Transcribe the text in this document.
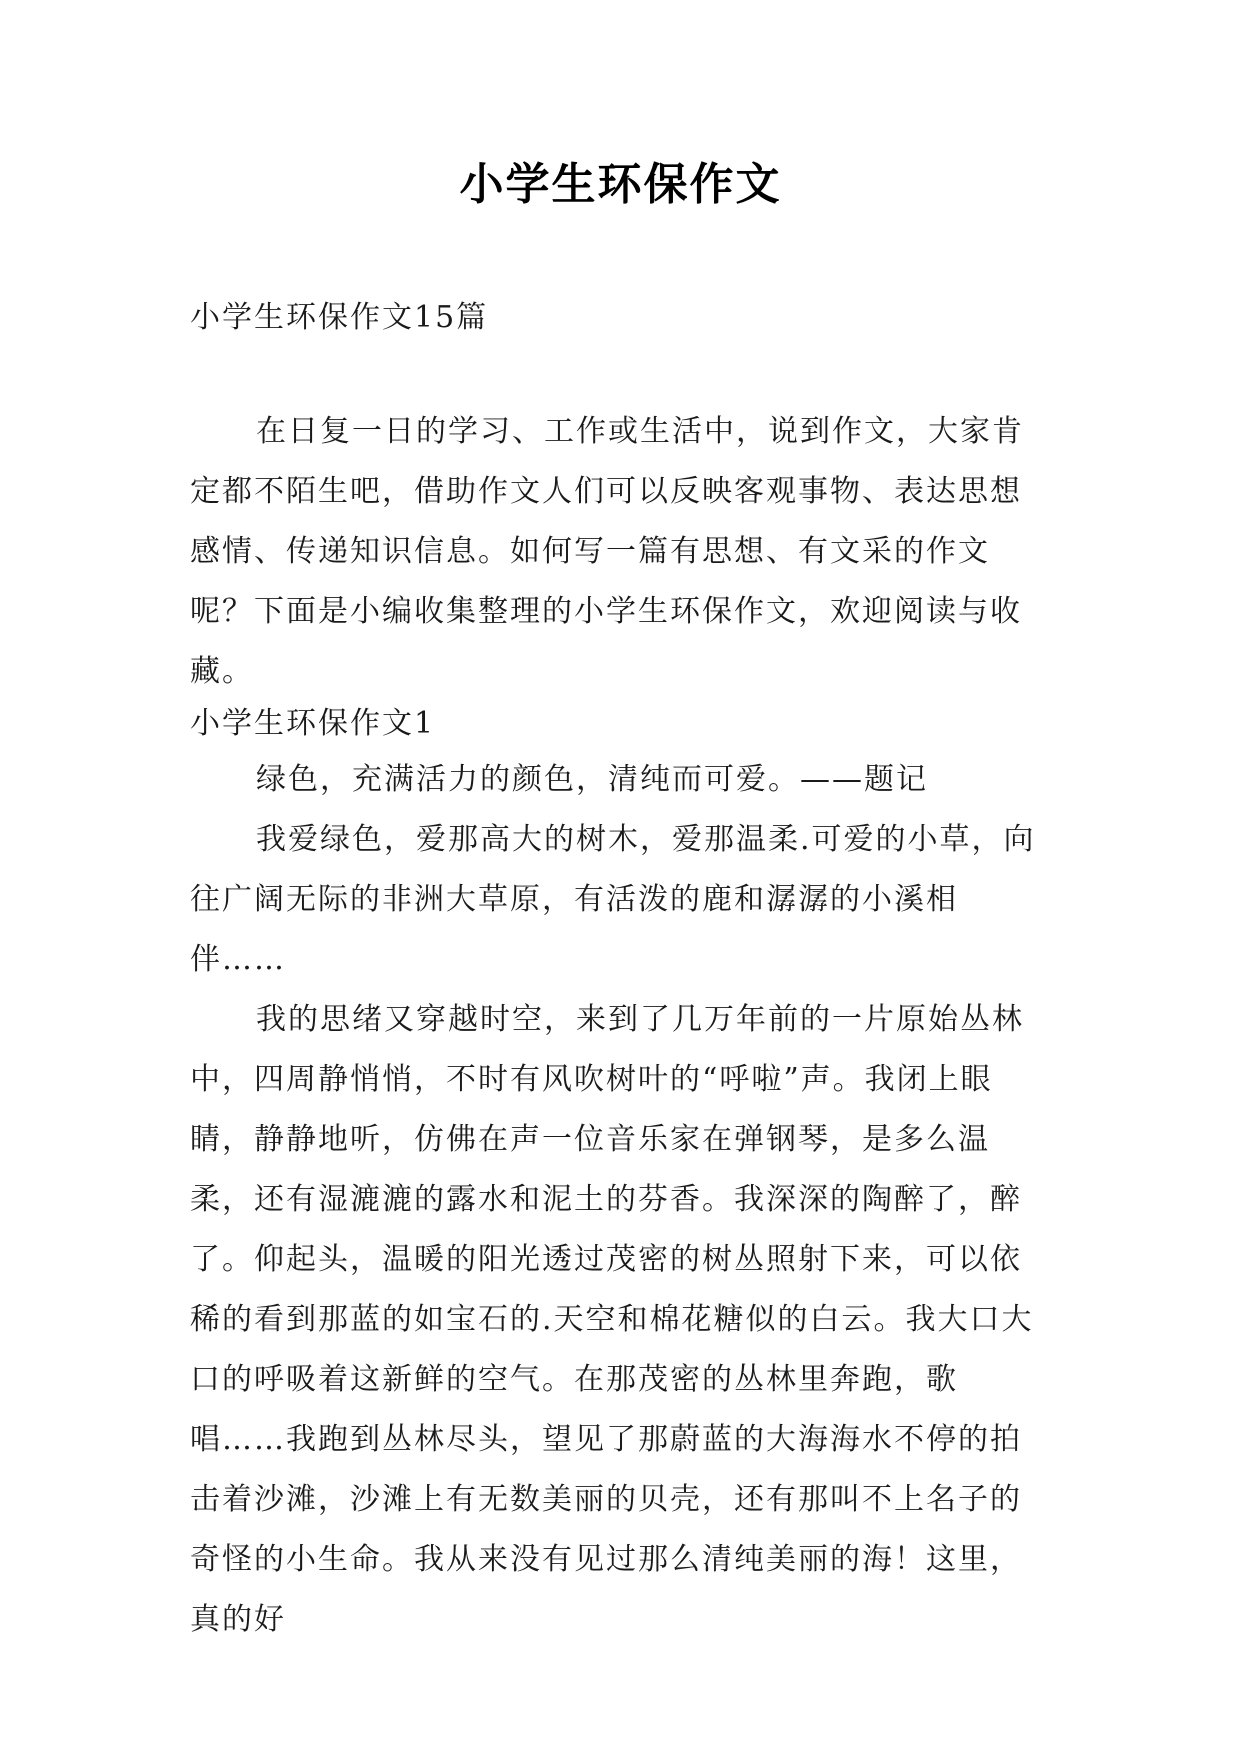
小学生环保作文

小学生环保作文15篇

在日复一日的学习、工作或生活中，说到作文，大家肯定都不陌生吧，借助作文人们可以反映客观事物、表达思想感情、传递知识信息。如何写一篇有思想、有文采的作文呢？下面是小编收集整理的小学生环保作文，欢迎阅读与收藏。

小学生环保作文1

绿色，充满活力的颜色，清纯而可爱。——题记

我爱绿色，爱那高大的树木，爱那温柔.可爱的小草，向往广阔无际的非洲大草原，有活泼的鹿和潺潺的小溪相伴……

我的思绪又穿越时空，来到了几万年前的一片原始丛林中，四周静悄悄，不时有风吹树叶的“呼啦”声。我闭上眼睛，静静地听，仿佛在声一位音乐家在弹钢琴，是多么温柔，还有湿漉漉的露水和泥土的芬香。我深深的陶醉了，醉了。仰起头，温暖的阳光透过茂密的树丛照射下来，可以依稀的看到那蓝的如宝石的.天空和棉花糖似的白云。我大口大口的呼吸着这新鲜的空气。在那茂密的丛林里奔跑，歌唱……我跑到丛林尽头，望见了那蔚蓝的大海海水不停的拍击着沙滩，沙滩上有无数美丽的贝壳，还有那叫不上名子的奇怪的小生命。我从来没有见过那么清纯美丽的海！这里，真的好
